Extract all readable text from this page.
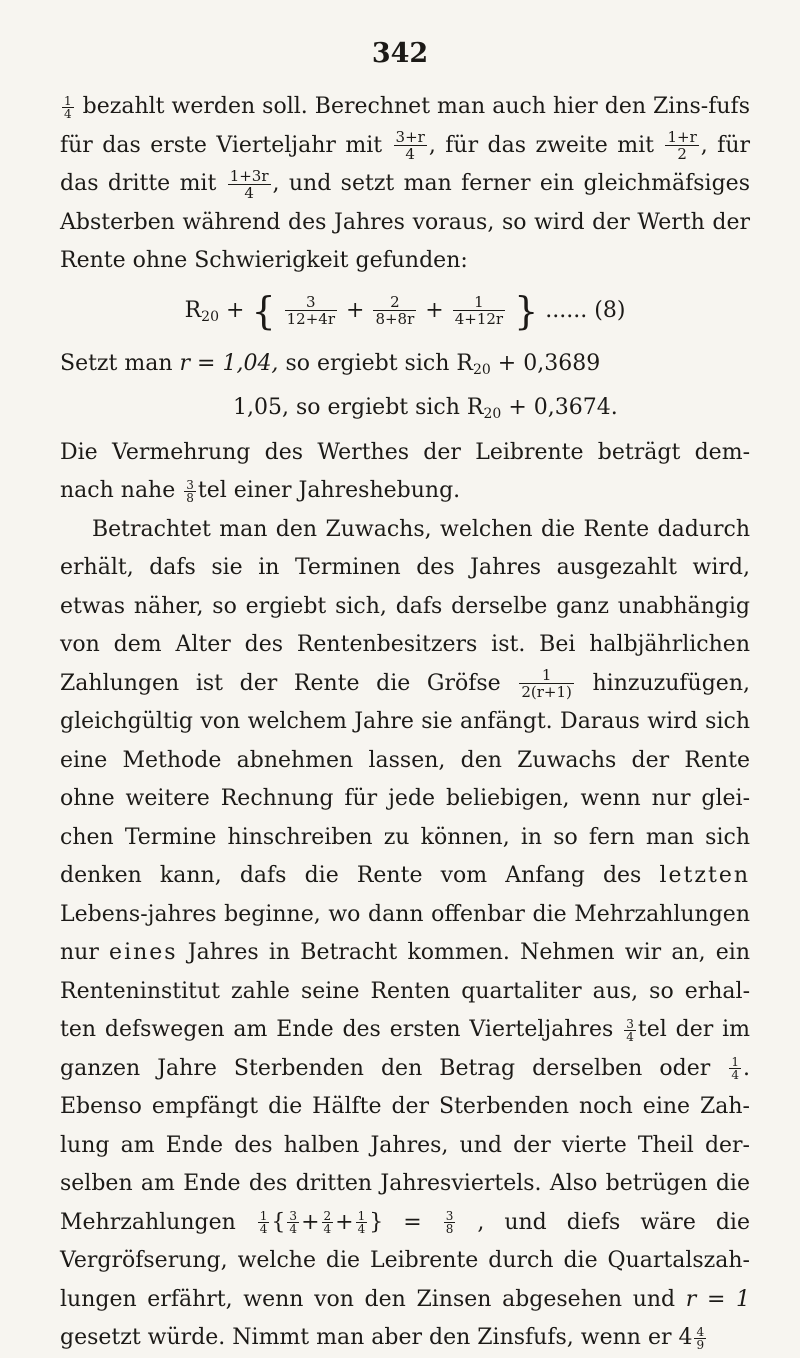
342

$\frac{1}{4}$ bezahlt werden soll. Berechnet man auch hier den Zins-fufs für das erste Vierteljahr mit $\frac{3+r}{4}$ , für das zweite mit $\frac{1+r}{2}$ , für das dritte mit $\frac{1+3r}{4}$ , und setzt man ferner ein gleichmäfsiges Absterben während des Jahres voraus, so wird der Werth der Rente ohne Schwierigkeit gefunden:

$R_{20}$ + { $\frac{3}{12+4r} + \frac{2}{8+8r} + \frac{1}{4+12r}$ } ...... (8)

Setzt man r = 1,04, so ergiebt sich $R_{20} + 0,3689$

1,05, so ergiebt sich $R_{20} + 0,3674$.

Die Vermehrung des Werthes der Leibrente beträgt dem-nach nahe $\frac{3}{8}$ tel einer Jahreshebung.

Betrachtet man den Zuwachs, welchen die Rente dadurch erhält, dafs sie in Terminen des Jahres ausgezahlt wird, etwas näher, so ergiebt sich, dafs derselbe ganz unabhängig von dem Alter des Rentenbesitzers ist. Bei halbjährlichen Zahlungen ist der Rente die Gröfse $\frac{1}{2(r+1)}$ hinzuzufügen, gleichgültig von welchem Jahre sie anfängt. Daraus wird sich eine Methode abnehmen lassen, den Zuwachs der Rente ohne weitere Rechnung für jede beliebigen, wenn nur glei-chen Termine hinschreiben zu können, in so fern man sich denken kann, dafs die Rente vom Anfang des letzten Lebens-jahres beginne, wo dann offenbar die Mehrzahlungen nur eines Jahres in Betracht kommen. Nehmen wir an, ein Renteninstitut zahle seine Renten quartaliter aus, so erhal-ten defswegen am Ende des ersten Vierteljahres $\frac{3}{4}$ tel der im ganzen Jahre Sterbenden den Betrag derselben oder $\frac{1}{4}$ . Ebenso empfängt die Hälfte der Sterbenden noch eine Zah-lung am Ende des halben Jahres, und der vierte Theil der-selben am Ende des dritten Jahresviertels. Also betrügen die Mehrzahlungen $\frac{1}{4}$ { $\frac{3}{4} + \frac{2}{4} + \frac{1}{4}$ } = $\frac{3}{8}$ , und diefs wäre die Vergröfserung, welche die Leibrente durch die Quartalszah-lungen erfährt, wenn von den Zinsen abgesehen und r = 1 gesetzt würde. Nimmt man aber den Zinsfufs, wenn er $4 \frac{4}{9}$
